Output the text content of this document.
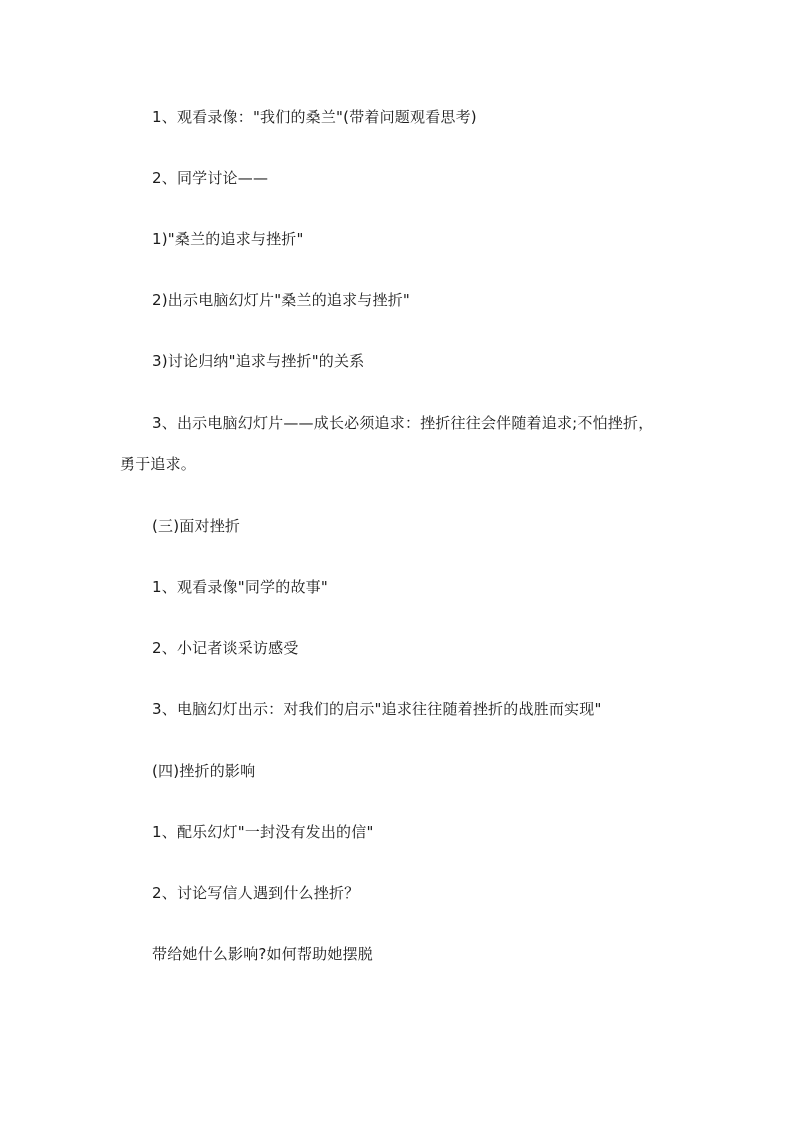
1、观看录像："我们的桑兰"(带着问题观看思考)

2、同学讨论——

1)"桑兰的追求与挫折"

2)出示电脑幻灯片"桑兰的追求与挫折"

3)讨论归纳"追求与挫折"的关系

3、出示电脑幻灯片——成长必须追求：挫折往往会伴随着追求;不怕挫折，

勇于追求。

(三)面对挫折

1、观看录像"同学的故事"

2、小记者谈采访感受

3、电脑幻灯出示：对我们的启示"追求往往随着挫折的战胜而实现"

(四)挫折的影响

1、配乐幻灯"一封没有发出的信"

2、讨论写信人遇到什么挫折？

带给她什么影响?如何帮助她摆脱
